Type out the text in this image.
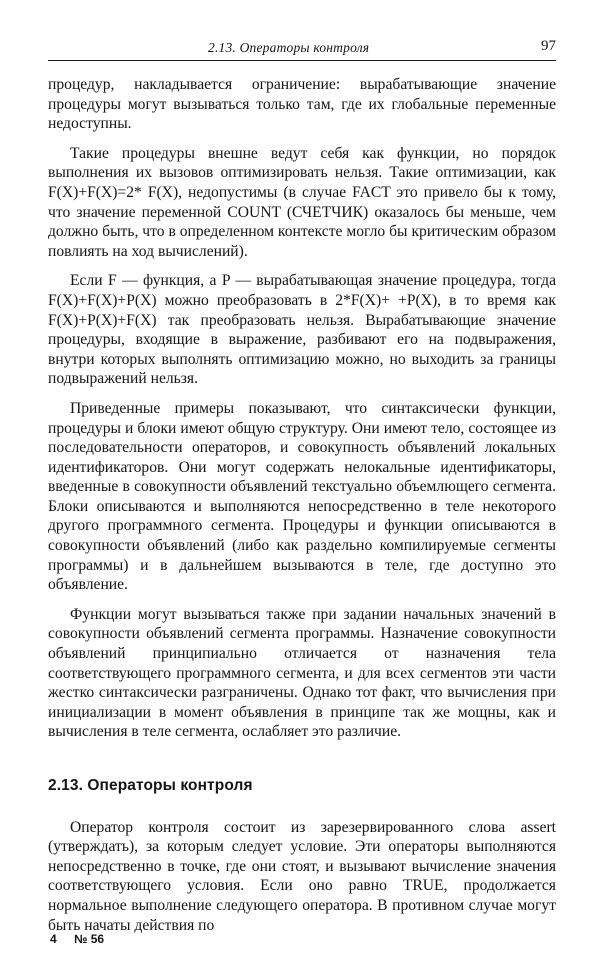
2.13. Операторы контроля	97

процедур, накладывается ограничение: вырабатывающие значение процедуры могут вызываться только там, где их глобальные переменные недоступны.

Такие процедуры внешне ведут себя как функции, но порядок выполнения их вызовов оптимизировать нельзя. Такие оптимизации, как F(X)+F(X)=2* F(X), недопустимы (в случае FACT это привело бы к тому, что значение переменной COUNT (СЧЕТЧИК) оказалось бы меньше, чем должно быть, что в определенном контексте могло бы критическим образом повлиять на ход вычислений).

Если F — функция, а P — вырабатывающая значение процедура, тогда F(X)+F(X)+P(X) можно преобразовать в 2*F(X)+ +P(X), в то время как F(X)+P(X)+F(X) так преобразовать нельзя. Вырабатывающие значение процедуры, входящие в выражение, разбивают его на подвыражения, внутри которых выполнять оптимизацию можно, но выходить за границы подвыражений нельзя.

Приведенные примеры показывают, что синтаксически функции, процедуры и блоки имеют общую структуру. Они имеют тело, состоящее из последовательности операторов, и совокупность объявлений локальных идентификаторов. Они могут содержать нелокальные идентификаторы, введенные в совокупности объявлений текстуально объемлющего сегмента. Блоки описываются и выполняются непосредственно в теле некоторого другого программного сегмента. Процедуры и функции описываются в совокупности объявлений (либо как раздельно компилируемые сегменты программы) и в дальнейшем вызываются в теле, где доступно это объявление.

Функции могут вызываться также при задании начальных значений в совокупности объявлений сегмента программы. Назначение совокупности объявлений принципиально отличается от назначения тела соответствующего программного сегмента, и для всех сегментов эти части жестко синтаксически разграничены. Однако тот факт, что вычисления при инициализации в момент объявления в принципе так же мощны, как и вычисления в теле сегмента, ослабляет это различие.

2.13. Операторы контроля

Оператор контроля состоит из зарезервированного слова assert (утверждать), за которым следует условие. Эти операторы выполняются непосредственно в точке, где они стоят, и вызывают вычисление значения соответствующего условия. Если оно равно TRUE, продолжается нормальное выполнение следующего оператора. В противном случае могут быть начаты действия по

4 № 56
